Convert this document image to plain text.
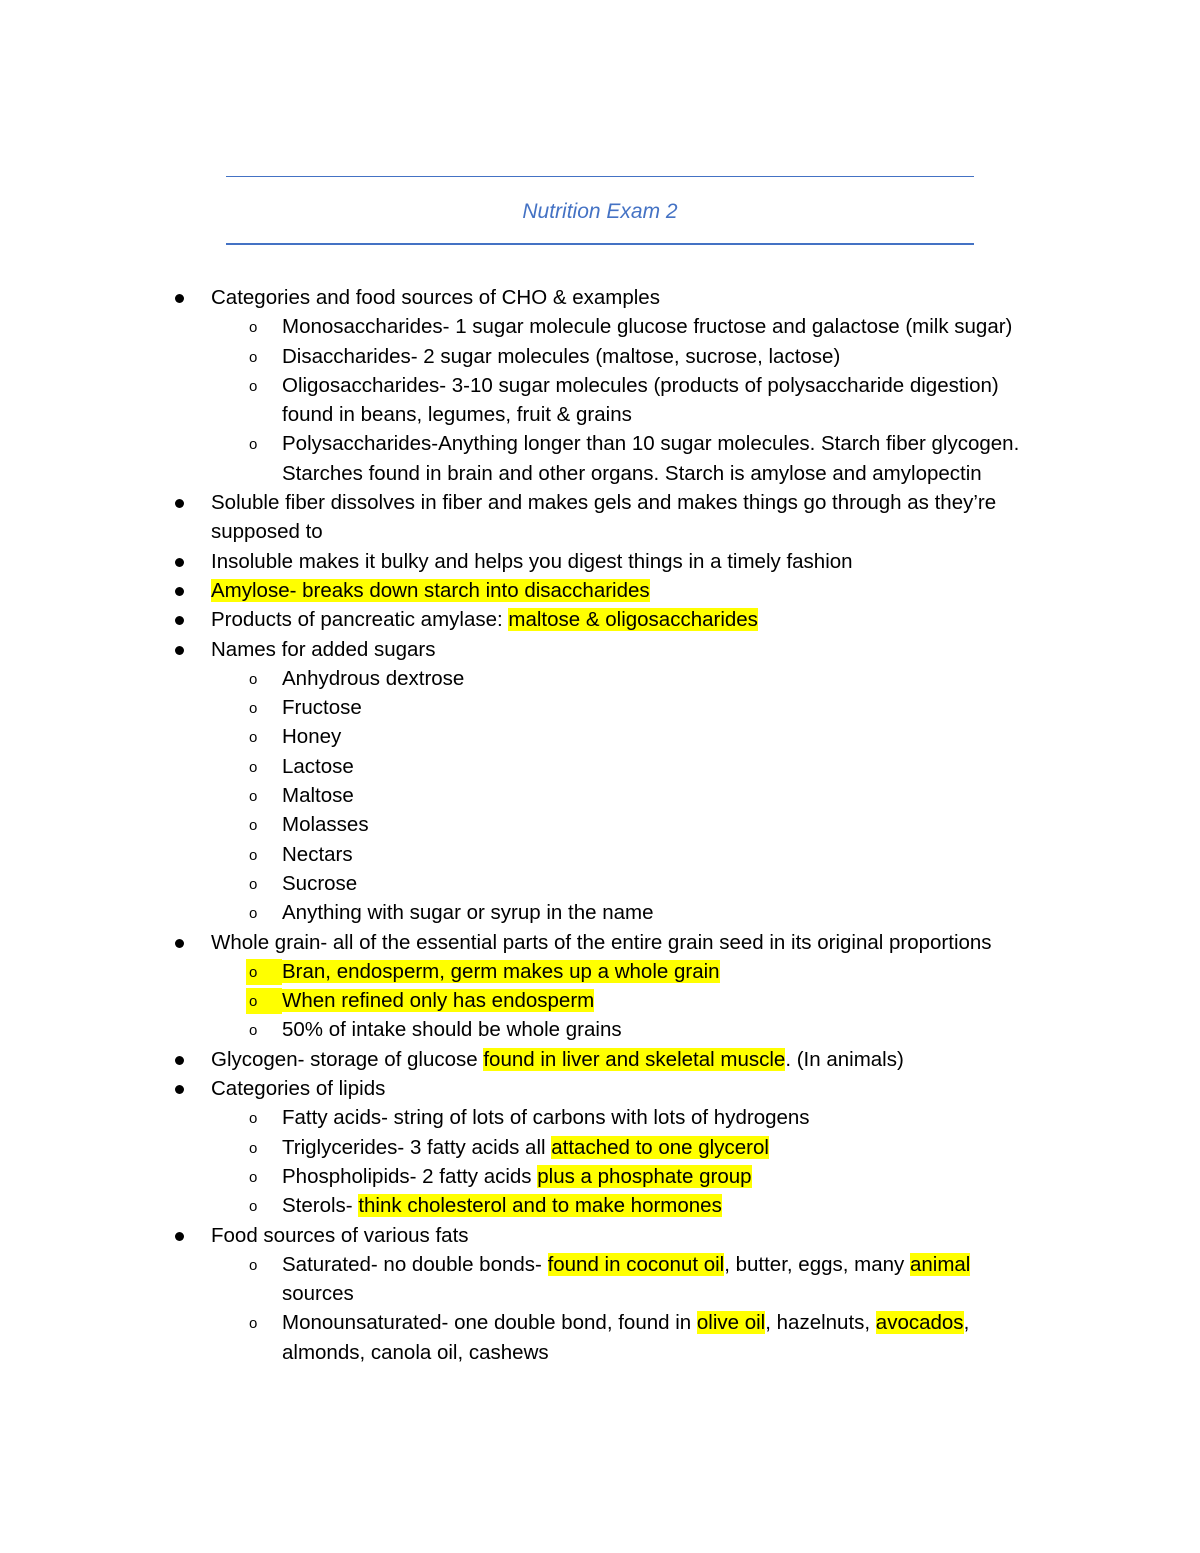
Nutrition Exam 2
Categories and food sources of CHO & examples
o Monosaccharides- 1 sugar molecule glucose fructose and galactose (milk sugar)
o Disaccharides- 2 sugar molecules (maltose, sucrose, lactose)
o Oligosaccharides- 3-10 sugar molecules (products of polysaccharide digestion)
found in beans, legumes, fruit & grains
o Polysaccharides-Anything longer than 10 sugar molecules. Starch fiber glycogen.
Starches found in brain and other organs. Starch is amylose and amylopectin
Soluble fiber dissolves in fiber and makes gels and makes things go through as they’re
supposed to
Insoluble makes it bulky and helps you digest things in a timely fashion
Amylose- breaks down starch into disaccharides
Products of pancreatic amylase: maltose & oligosaccharides
Names for added sugars
o Anhydrous dextrose
o Fructose
o Honey
o Lactose
o Maltose
o Molasses
o Nectars
o Sucrose
o Anything with sugar or syrup in the name
Whole grain- all of the essential parts of the entire grain seed in its original proportions
o Bran, endosperm, germ makes up a whole grain
o When refined only has endosperm
o 50% of intake should be whole grains
Glycogen- storage of glucose found in liver and skeletal muscle. (In animals)
Categories of lipids
o Fatty acids- string of lots of carbons with lots of hydrogens
o Triglycerides- 3 fatty acids all attached to one glycerol
o Phospholipids- 2 fatty acids plus a phosphate group
o Sterols- think cholesterol and to make hormones
Food sources of various fats
o Saturated- no double bonds- found in coconut oil, butter, eggs, many animal
sources
o Monounsaturated- one double bond, found in olive oil, hazelnuts, avocados,
almonds, canola oil, cashews
